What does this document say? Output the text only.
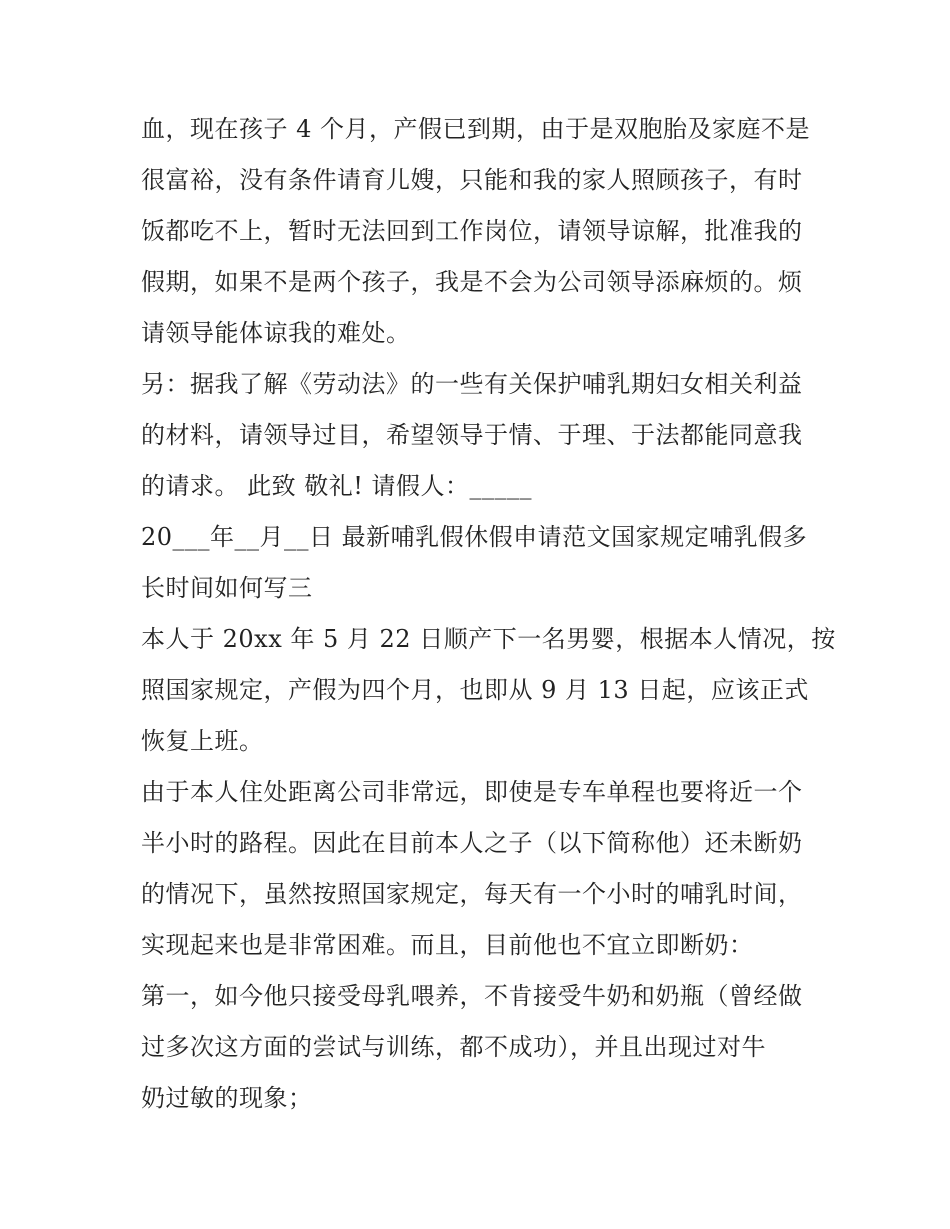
血，现在孩子 4 个月，产假已到期，由于是双胞胎及家庭不是
很富裕，没有条件请育儿嫂，只能和我的家人照顾孩子，有时
饭都吃不上，暂时无法回到工作岗位，请领导谅解，批准我的
假期，如果不是两个孩子，我是不会为公司领导添麻烦的。烦
请领导能体谅我的难处。
另：据我了解《劳动法》的一些有关保护哺乳期妇女相关利益
的材料，请领导过目，希望领导于情、于理、于法都能同意我
的请求。 此致 敬礼! 请假人：_____
20___年__月__日 最新哺乳假休假申请范文国家规定哺乳假多
长时间如何写三
本人于 20xx 年 5 月 22 日顺产下一名男婴，根据本人情况，按
照国家规定，产假为四个月，也即从 9 月 13 日起，应该正式
恢复上班。
由于本人住处距离公司非常远，即使是专车单程也要将近一个
半小时的路程。因此在目前本人之子（以下简称他）还未断奶
的情况下，虽然按照国家规定，每天有一个小时的哺乳时间，
实现起来也是非常困难。而且，目前他也不宜立即断奶：
第一，如今他只接受母乳喂养，不肯接受牛奶和奶瓶（曾经做
过多次这方面的尝试与训练，都不成功），并且出现过对牛
奶过敏的现象；
